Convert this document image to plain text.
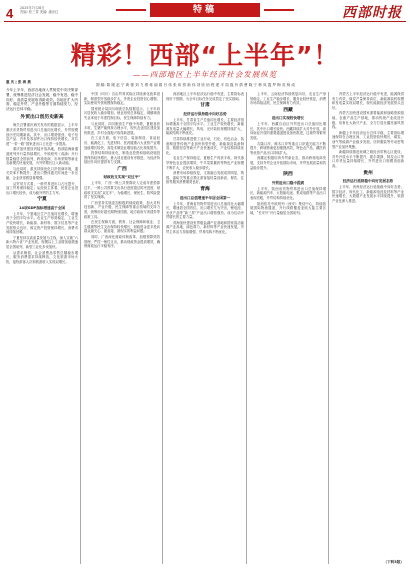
4 2025年7月28日
责编: 张三青 美编: 潘亦红	特稿	西部时报
精彩！西部“上半年”！
——西部地区上半年经济社会发展纵览
图 稿: 陈 刚 赵 宁 黄 蕾 刘 力 维 蒋 丽 娟 吕 伟 张 伟 蔡 新 伟 刘 欣 怡 程 建 平 周 磊 肖 倩 曹 晓 宁 韩 凤 霞 罗 梅 英 杨 成
重 庆 | 张 海 燕
今年上半年，西部各地深入贯彻党中央决策部署，统筹推进经济社会发展，稳中有进、稳中向好，高质量发展取得新成效。各地在扩大内需、稳定外贸、产业升级等方面持续发力，经济运行总体平稳。
外贸出口创历史新高

海关总署重庆海关发布的数据显示，上半年重庆市货物贸易进出口总值同比增长，外贸规模创历史同期新高。其中，出口增势强劲，电子信息产品、汽车及零部件出口保持较快增长，对共建“一带一路”国家进出口占比进一步提高。

重庆加快建设内陆开放高地，西部陆海新通道班列开行量持续增长，中欧班列（成渝）开行数量稳居全国前列，跨境电商、市场采购等新业态新模式快速发展，为外贸增长注入新动能。

与此同时，重庆持续优化口岸营商环境，通关效率不断提升，进出口整体通关时间进一步压缩，企业获得感显著增强。

从贸易方式看，一般贸易进出口占比提升，加工贸易保持稳定；从经营主体看，民营企业进出口增长较快，成为稳外贸的主力军。

宁夏
14项GDP指标增速高于全国

上半年，宁夏地区生产总值同比增长，增速高于全国平均水平。农业生产形势稳定，工业生产较快增长，新能源、新材料、数字信息等产业发展势头良好，固定资产投资保持增长，消费市场持续回暖。

宁夏坚持以高质量发展为主线，深入实施“六新六特六优”产业发展，规模以上工业增加值增速居全国前列，新型工业化步伐加快。

从需求侧看，社会消费品零售总额稳步增长，服务消费需求持续释放，文化旅游市场火热，接待游客人次和旅游收入实现双增长。

中国（四川）自由贸易试验区持续深化改革创新，制度型开放稳步扩大，外资企业投资信心增强，实际使用外资规模保持稳定。

国家统计局四川调查总队数据显示，上半年四川居民收入稳步增加，就业形势总体稳定，城镇调查失业率低于年度控制目标，民生保障持续有力。

与此同时，四川粮食生产稳中有增，夏粮喜获丰收，生猪产能保持合理水平，现代农业园区建设加快推进，乡村全面振兴取得新进展。

在工业方面，电子信息、装备制造、食品轻纺、能源化工、先进材料、医药健康六大优势产业增加值增长较快，高技术制造业增加值占比持续提升。

投资结构持续优化，制造业投资和基础设施投资保持较快增长，重大项目建设有序推进，为经济持续回升向好提供有力支撑。

广西
财政收支实现“双过半”

上半年，广西一般公共预算收入完成年度预算过半，一般公共预算支出执行进度超过时序进度，财政收支实现“双过半”，为稳增长、保民生、防风险提供了坚实保障。

广西坚持实施更加积极的财政政策，加大对科技创新、产业升级、民生保障等重点领域的支持力度，统筹用好超长期特别国债、地方政府专项债券等政策工具。

在民生保障方面，教育、社会保障和就业、卫生健康等民生支出保持较快增长，财政资金更多投向群众最关心、最直接、最现实的利益问题。

同时，广西深化财政体制改革，加强预算绩效管理，严控一般性支出，推动财政资金提质增效，确保财政运行平稳有序。

西部地区上半年经济运行稳中有进，主要指标表现好于预期，为全年目标任务完成奠定了坚实基础。

甘肃
经济运行保持稳中向好态势

上半年，甘肃省生产总值同比增长，主要经济指标增速高于全国平均水平。工业生产较快增长，新能源发电量大幅增长，风电、光伏装机规模持续扩大，能源结构不断优化。

甘肃持续推进强工业行动，石化、有色冶金、装备制造等传统产业加快转型升级，新能源及装备制造、数据信息等新兴产业快速成长，产业结构持续优化。

农业生产保持稳定，夏粮生产再获丰收，现代寒旱特色农业提质增效，牛羊菜果薯药等特色产业规模不断扩大，农民收入稳步增长。

消费市场持续恢复，文旅融合发展成效明显，敦煌、嘉峪关等重点景区游客接待量创新高，餐饮、住宿等服务消费增势良好。

青海
进出口总值增速半年居全国第一

上半年，青海省货物贸易进出口总值同比大幅增长，增速居全国首位。出口增长尤为突出，锂电池、光伏产品等“新三样”产品出口增势强劲，成为拉动外贸增长的主要力量。

青海加快建设世界级盐湖产业基地和国家清洁能源产业高地，绿色算力、新材料等产业快速发展，外贸主体活力持续增强，贸易结构不断优化。

上半年，云南经济持续恢复向好，农业生产形势稳定，工业生产稳步增长，服务业较快恢复，消费市场持续活跃，民生保障有力有效。

西藏
进出口实现较快增长

上半年，西藏自治区外贸进出口总值同比增长，其中出口增长较快。西藏持续扩大对外开放，面向南亚开放的重要通道建设加快推进，边境贸易繁荣发展。

吉隆口岸、樟木口岸等重点口岸通关能力不断提升，跨境物流更加便捷高效，特色农产品、藏医药等优势产品出口持续扩大。

西藏还积极培育外贸新业态，推动跨境电商发展，支持外贸企业开拓国际市场，外贸发展质量和效益稳步提升。

陕西
外贸进出口稳中提质

上半年，陕西省货物贸易进出口总值保持增长，新能源汽车、太阳能电池、集成电路等产品出口表现亮眼，外贸结构持续优化。

陕西依托中欧班列（西安）集结中心，持续拓展国际物流通道，开行线路覆盖亚欧大陆主要区域，“长安号”开行量稳居全国前列。

内蒙古上半年经济运行稳中有进，能源保供有力有效，煤炭产量保持高位，新能源装机规模和发电量实现双增长，现代能源经济发展势头良好。

内蒙古加快建设国家重要能源和战略资源基地、农畜产品生产基地，推动传统产业改造升级，培育壮大新兴产业，全力打造北疆亮丽风景线。

新疆上半年经济运行总体平稳，主要指标增速保持在合理区间，工业投资较快增长，煤炭、油气等能源产业稳步发展，纺织服装等劳动密集型产业加快集聚。

新疆持续推进丝绸之路经济带核心区建设，对外开放水平不断提升，霍尔果斯、阿拉山口等口岸货运量持续增长，外贸进出口规模再创新高。

贵州
经济运行延续稳中向好发展态势

上半年，贵州经济运行延续稳中向好态势，数字经济、现代化工、新能源电池及材料等产业快速增长，大数据产业发展水平持续提升，旅游产业化深入推进。

（下转3版）
